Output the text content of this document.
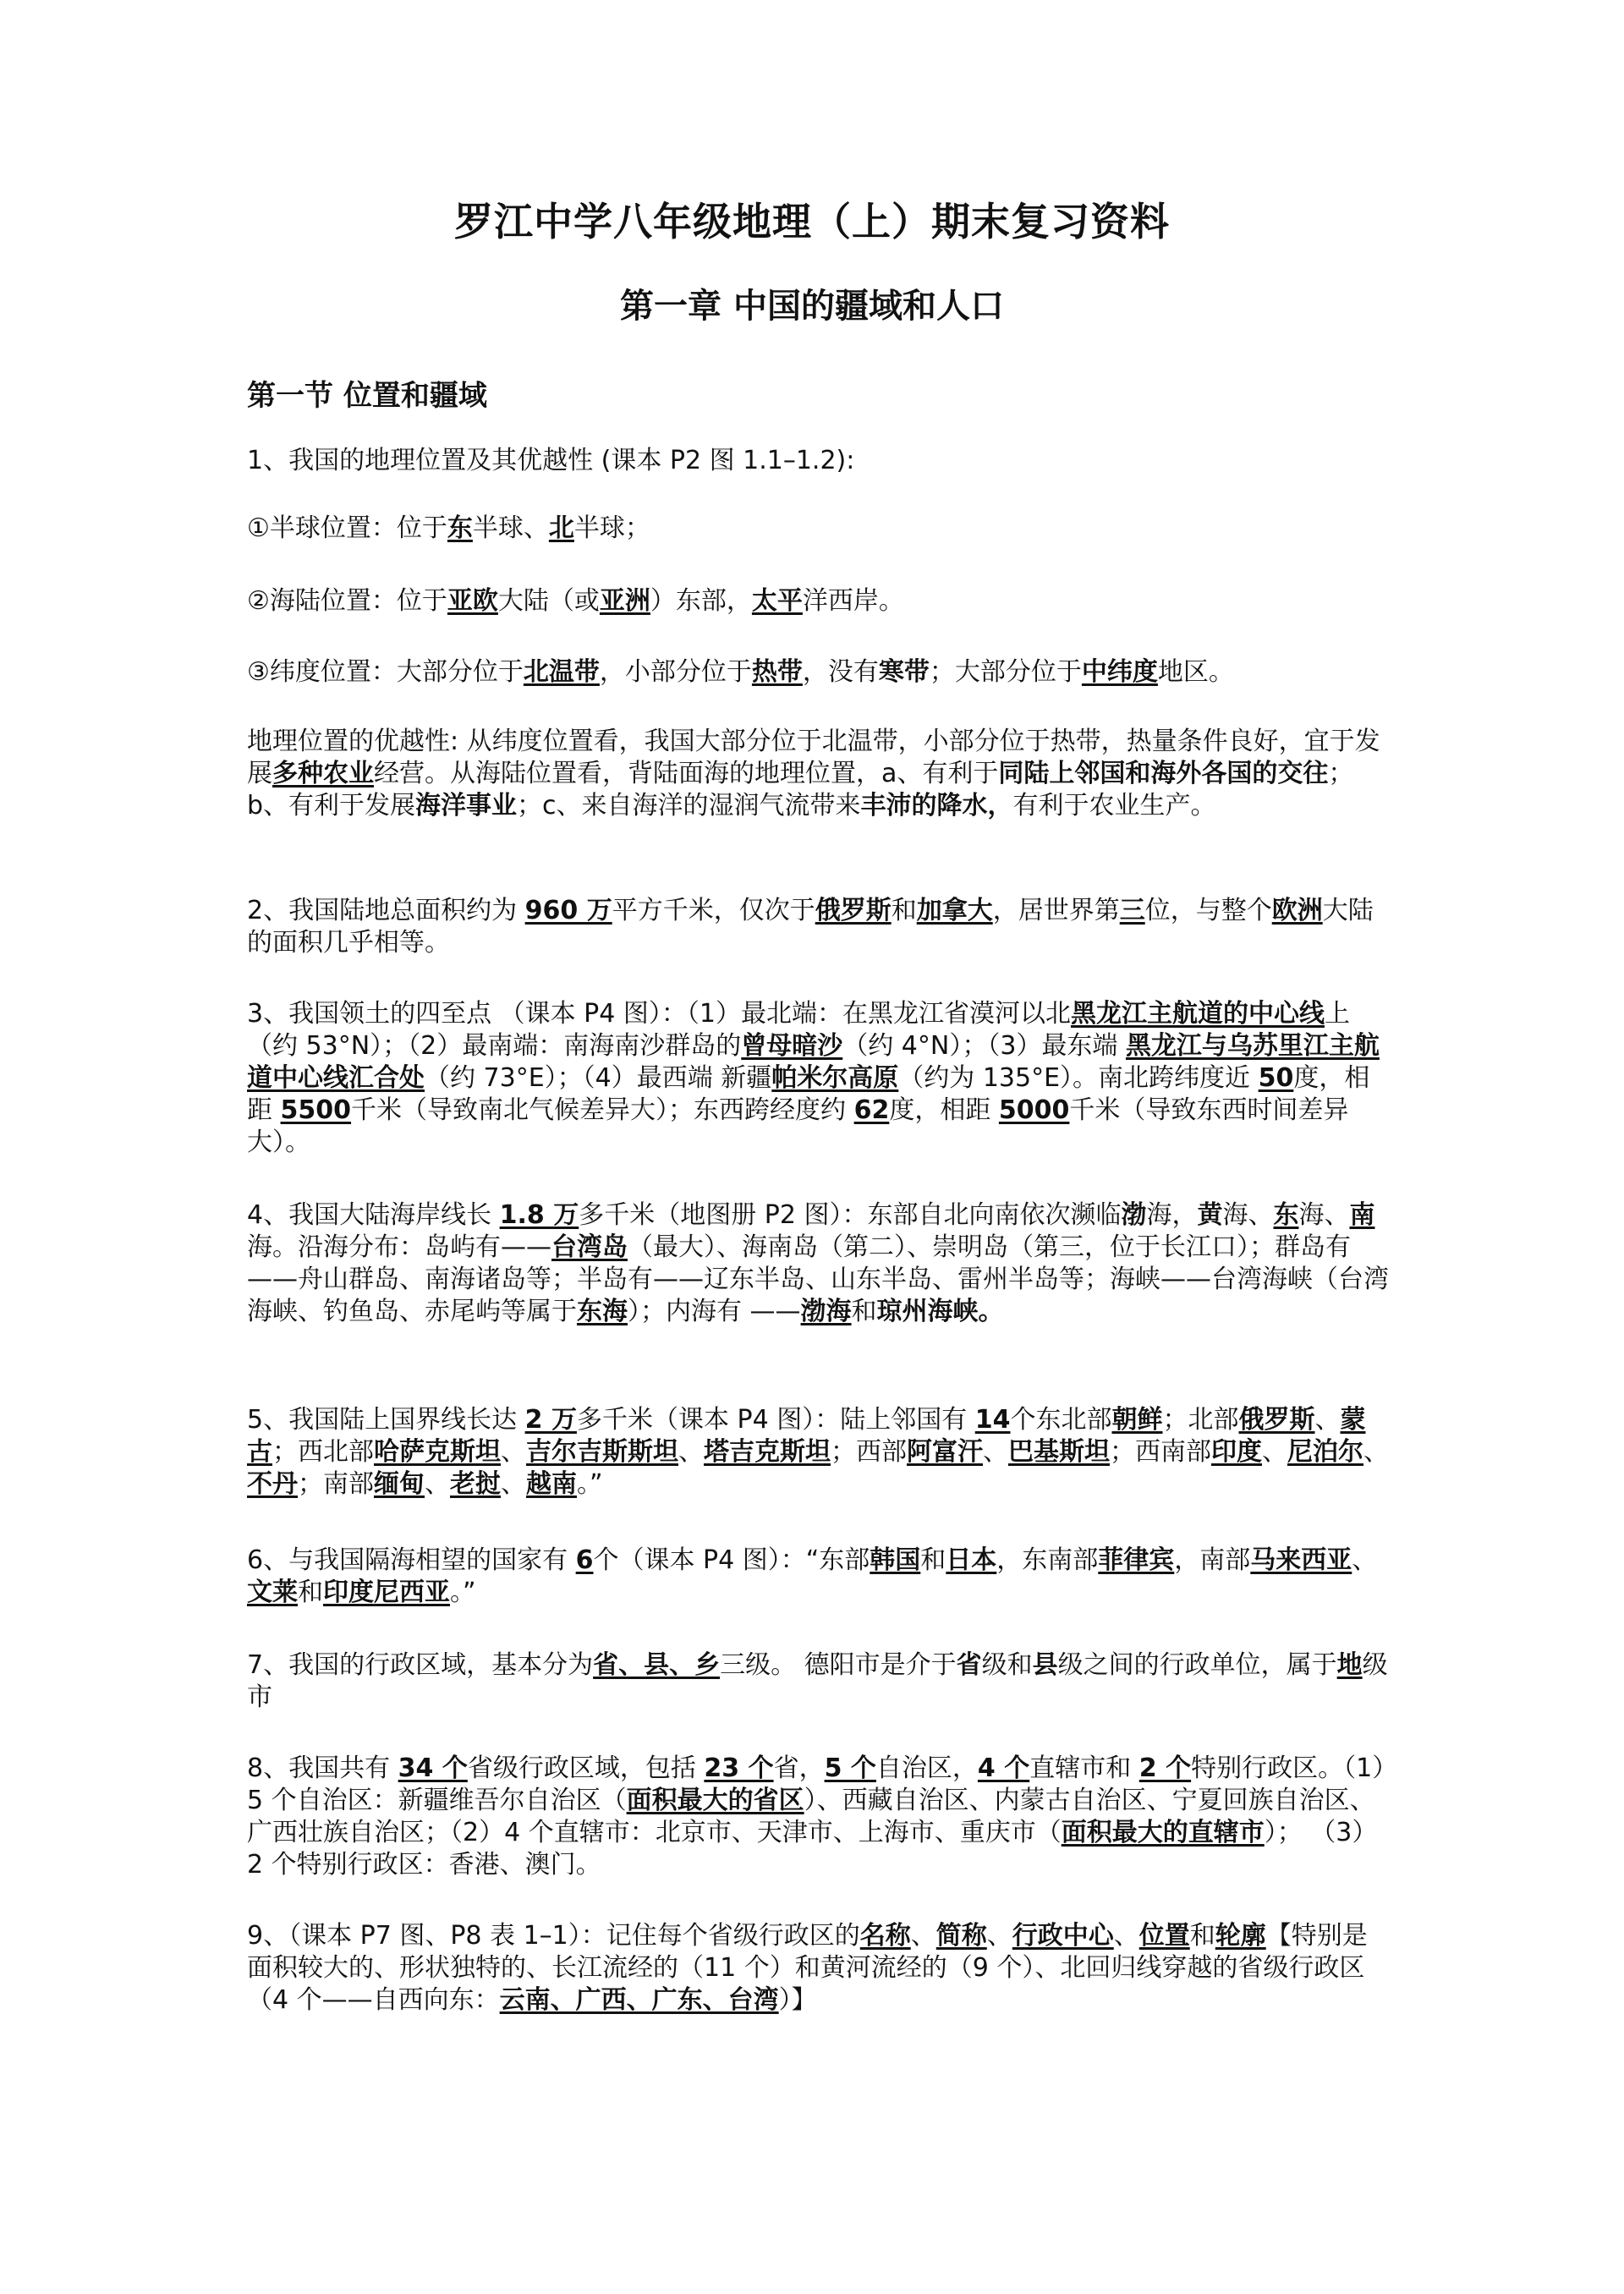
罗江中学八年级地理（上）期末复习资料
第一章 中国的疆域和人口
第一节 位置和疆域
1、我国的地理位置及其优越性 (课本 P2 图 1.1–1.2):
①半球位置：位于东半球、北半球；
②海陆位置：位于亚欧大陆（或亚洲）东部，太平洋西岸。
③纬度位置：大部分位于北温带，小部分位于热带，没有寒带；大部分位于中纬度地区。
地理位置的优越性: 从纬度位置看，我国大部分位于北温带，小部分位于热带，热量条件良好，宜于发展多种农业经营。从海陆位置看，背陆面海的地理位置，a、有利于同陆上邻国和海外各国的交往；b、有利于发展海洋事业；c、来自海洋的湿润气流带来丰沛的降水，有利于农业生产。
2、我国陆地总面积约为 960 万平方千米，仅次于俄罗斯和加拿大，居世界第三位，与整个欧洲大陆的面积几乎相等。
3、我国领土的四至点 （课本 P4 图）：（1）最北端：在黑龙江省漠河以北黑龙江主航道的中心线上（约 53°N）；（2）最南端：南海南沙群岛的曾母暗沙（约 4°N）；（3）最东端 黑龙江与乌苏里江主航道中心线汇合处（约 73°E）；（4）最西端 新疆帕米尔高原（约为 135°E）。南北跨纬度近 50度，相距 5500千米（导致南北气候差异大）；东西跨经度约 62度，相距 5000千米（导致东西时间差异大）。
4、我国大陆海岸线长 1.8 万多千米（地图册 P2 图）：东部自北向南依次濒临渤海，黄海、东海、南海。沿海分布：岛屿有——台湾岛（最大）、海南岛（第二）、崇明岛（第三，位于长江口）；群岛有——舟山群岛、南海诸岛等；半岛有——辽东半岛、山东半岛、雷州半岛等；海峡——台湾海峡（台湾海峡、钓鱼岛、赤尾屿等属于东海）；内海有 ——渤海和琼州海峡。
5、我国陆上国界线长达 2 万多千米（课本 P4 图）：陆上邻国有 14个东北部朝鲜；北部俄罗斯、蒙古；西北部哈萨克斯坦、吉尔吉斯斯坦、塔吉克斯坦；西部阿富汗、巴基斯坦；西南部印度、尼泊尔、不丹；南部缅甸、老挝、越南。”
6、与我国隔海相望的国家有 6个（课本 P4 图）：“东部韩国和日本，东南部菲律宾，南部马来西亚、文莱和印度尼西亚。”
7、我国的行政区域，基本分为省、县、乡三级。 德阳市是介于省级和县级之间的行政单位，属于地级市
8、我国共有 34 个省级行政区域，包括 23 个省，5 个自治区，4 个直辖市和 2 个特别行政区。（1）5 个自治区：新疆维吾尔自治区（面积最大的省区）、西藏自治区、内蒙古自治区、宁夏回族自治区、广西壮族自治区；（2）4 个直辖市：北京市、天津市、上海市、重庆市（面积最大的直辖市）； （3）2 个特别行政区：香港、澳门。
9、（课本 P7 图、P8 表 1–1）：记住每个省级行政区的名称、简称、行政中心、位置和轮廓【特别是面积较大的、形状独特的、长江流经的（11 个）和黄河流经的（9 个）、北回归线穿越的省级行政区（4 个——自西向东：云南、广西、广东、台湾）】
